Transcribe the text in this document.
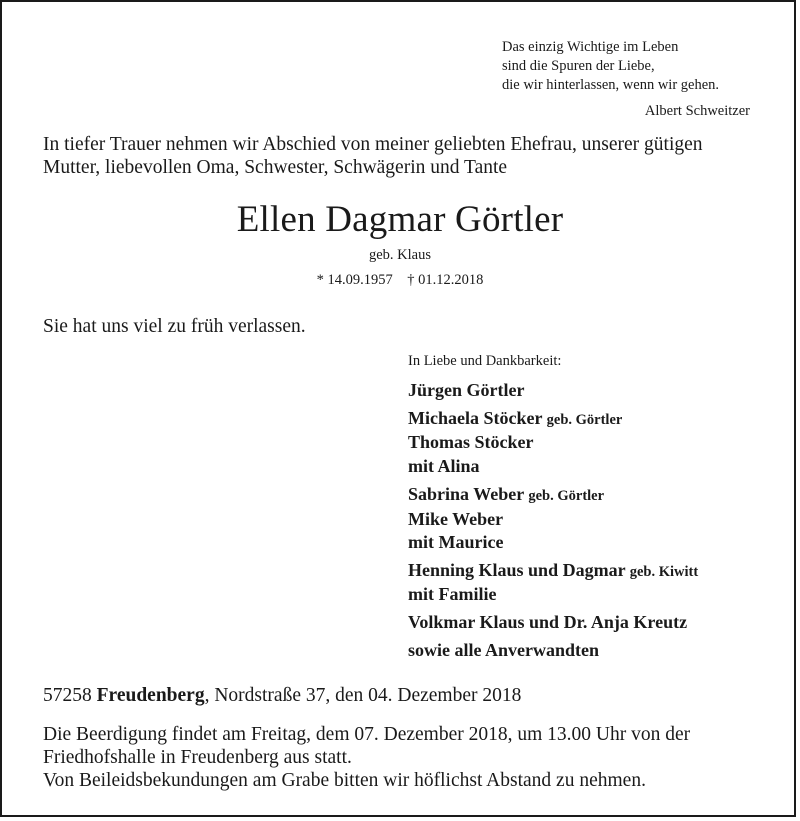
Das einzig Wichtige im Leben
sind die Spuren der Liebe,
die wir hinterlassen, wenn wir gehen.
Albert Schweitzer
In tiefer Trauer nehmen wir Abschied von meiner geliebten Ehefrau, unserer gütigen
Mutter, liebevollen Oma, Schwester, Schwägerin und Tante
Ellen Dagmar Görtler
geb. Klaus
* 14.09.1957    † 01.12.2018
Sie hat uns viel zu früh verlassen.
In Liebe und Dankbarkeit:
Jürgen Görtler
Michaela Stöcker geb. Görtler
Thomas Stöcker
mit Alina
Sabrina Weber geb. Görtler
Mike Weber
mit Maurice
Henning Klaus und Dagmar geb. Kiwitt
mit Familie
Volkmar Klaus und Dr. Anja Kreutz
sowie alle Anverwandten
57258 Freudenberg, Nordstraße 37, den 04. Dezember 2018
Die Beerdigung findet am Freitag, dem 07. Dezember 2018, um 13.00 Uhr von der
Friedhofshalle in Freudenberg aus statt.
Von Beileidsbekundungen am Grabe bitten wir höflichst Abstand zu nehmen.
